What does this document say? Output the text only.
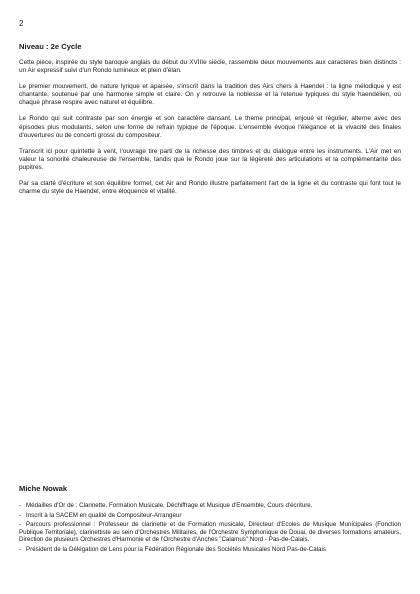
2
Niveau : 2e Cycle

Cette pièce, inspirée du style baroque anglais du début du XVIIIe siècle, rassemble deux mouvements aux caractères bien distincts : un Air expressif suivi d'un Rondo lumineux et plein d'élan.

Le premier mouvement, de nature lyrique et apaisée, s'inscrit dans la tradition des Airs chers à Haendel : la ligne mélodique y est chantante, soutenue par une harmonie simple et claire. On y retrouve la noblesse et la retenue typiques du style haendélien, où chaque phrase respire avec naturel et équilibre.

Le Rondo qui suit contraste par son énergie et son caractère dansant. Le thème principal, enjoué et régulier, alterne avec des épisodes plus modulants, selon une forme de refrain typique de l'époque. L'ensemble évoque l'élégance et la vivacité des finales d'ouvertures ou de concerti grossi du compositeur.

Transcrit ici pour quintette à vent, l'ouvrage tire parti de la richesse des timbres et du dialogue entre les instruments. L'Air met en valeur la sonorité chaleureuse de l'ensemble, tandis que le Rondo joue sur la légèreté des articulations et la complémentarité des pupitres.

Par sa clarté d'écriture et son équilibre formel, cet Air and Rondo illustre parfaitement l'art de la ligne et du contraste qui font tout le charme du style de Haendel, entre éloquence et vitalité.

Miche Nowak
- Médailles d'Or de : Clarinette, Formation Musicale, Déchiffrage et Musique d'Ensemble, Cours d'écriture.
- Inscrit à la SACEM en qualité de Compositeur-Arrangeur
- Parcours professionnel : Professeur de clarinette et de Formation musicale, Directeur d'Ecoles de Musique Municipales (Fonction Publique Territoriale), clarinettiste au sein d'Orchestres Militaires, de l'Orchestre Symphonique de Douai, de diverses formations amateurs, Direction de plusieurs Orchestres d'Harmonie et de l'Orchestre d'Anches "Calamus" Nord - Pas-de-Calais.
- Président de la Délégation de Lens pour la Fédération Régionale des Sociétés Musicales Nord Pas-de-Calais
